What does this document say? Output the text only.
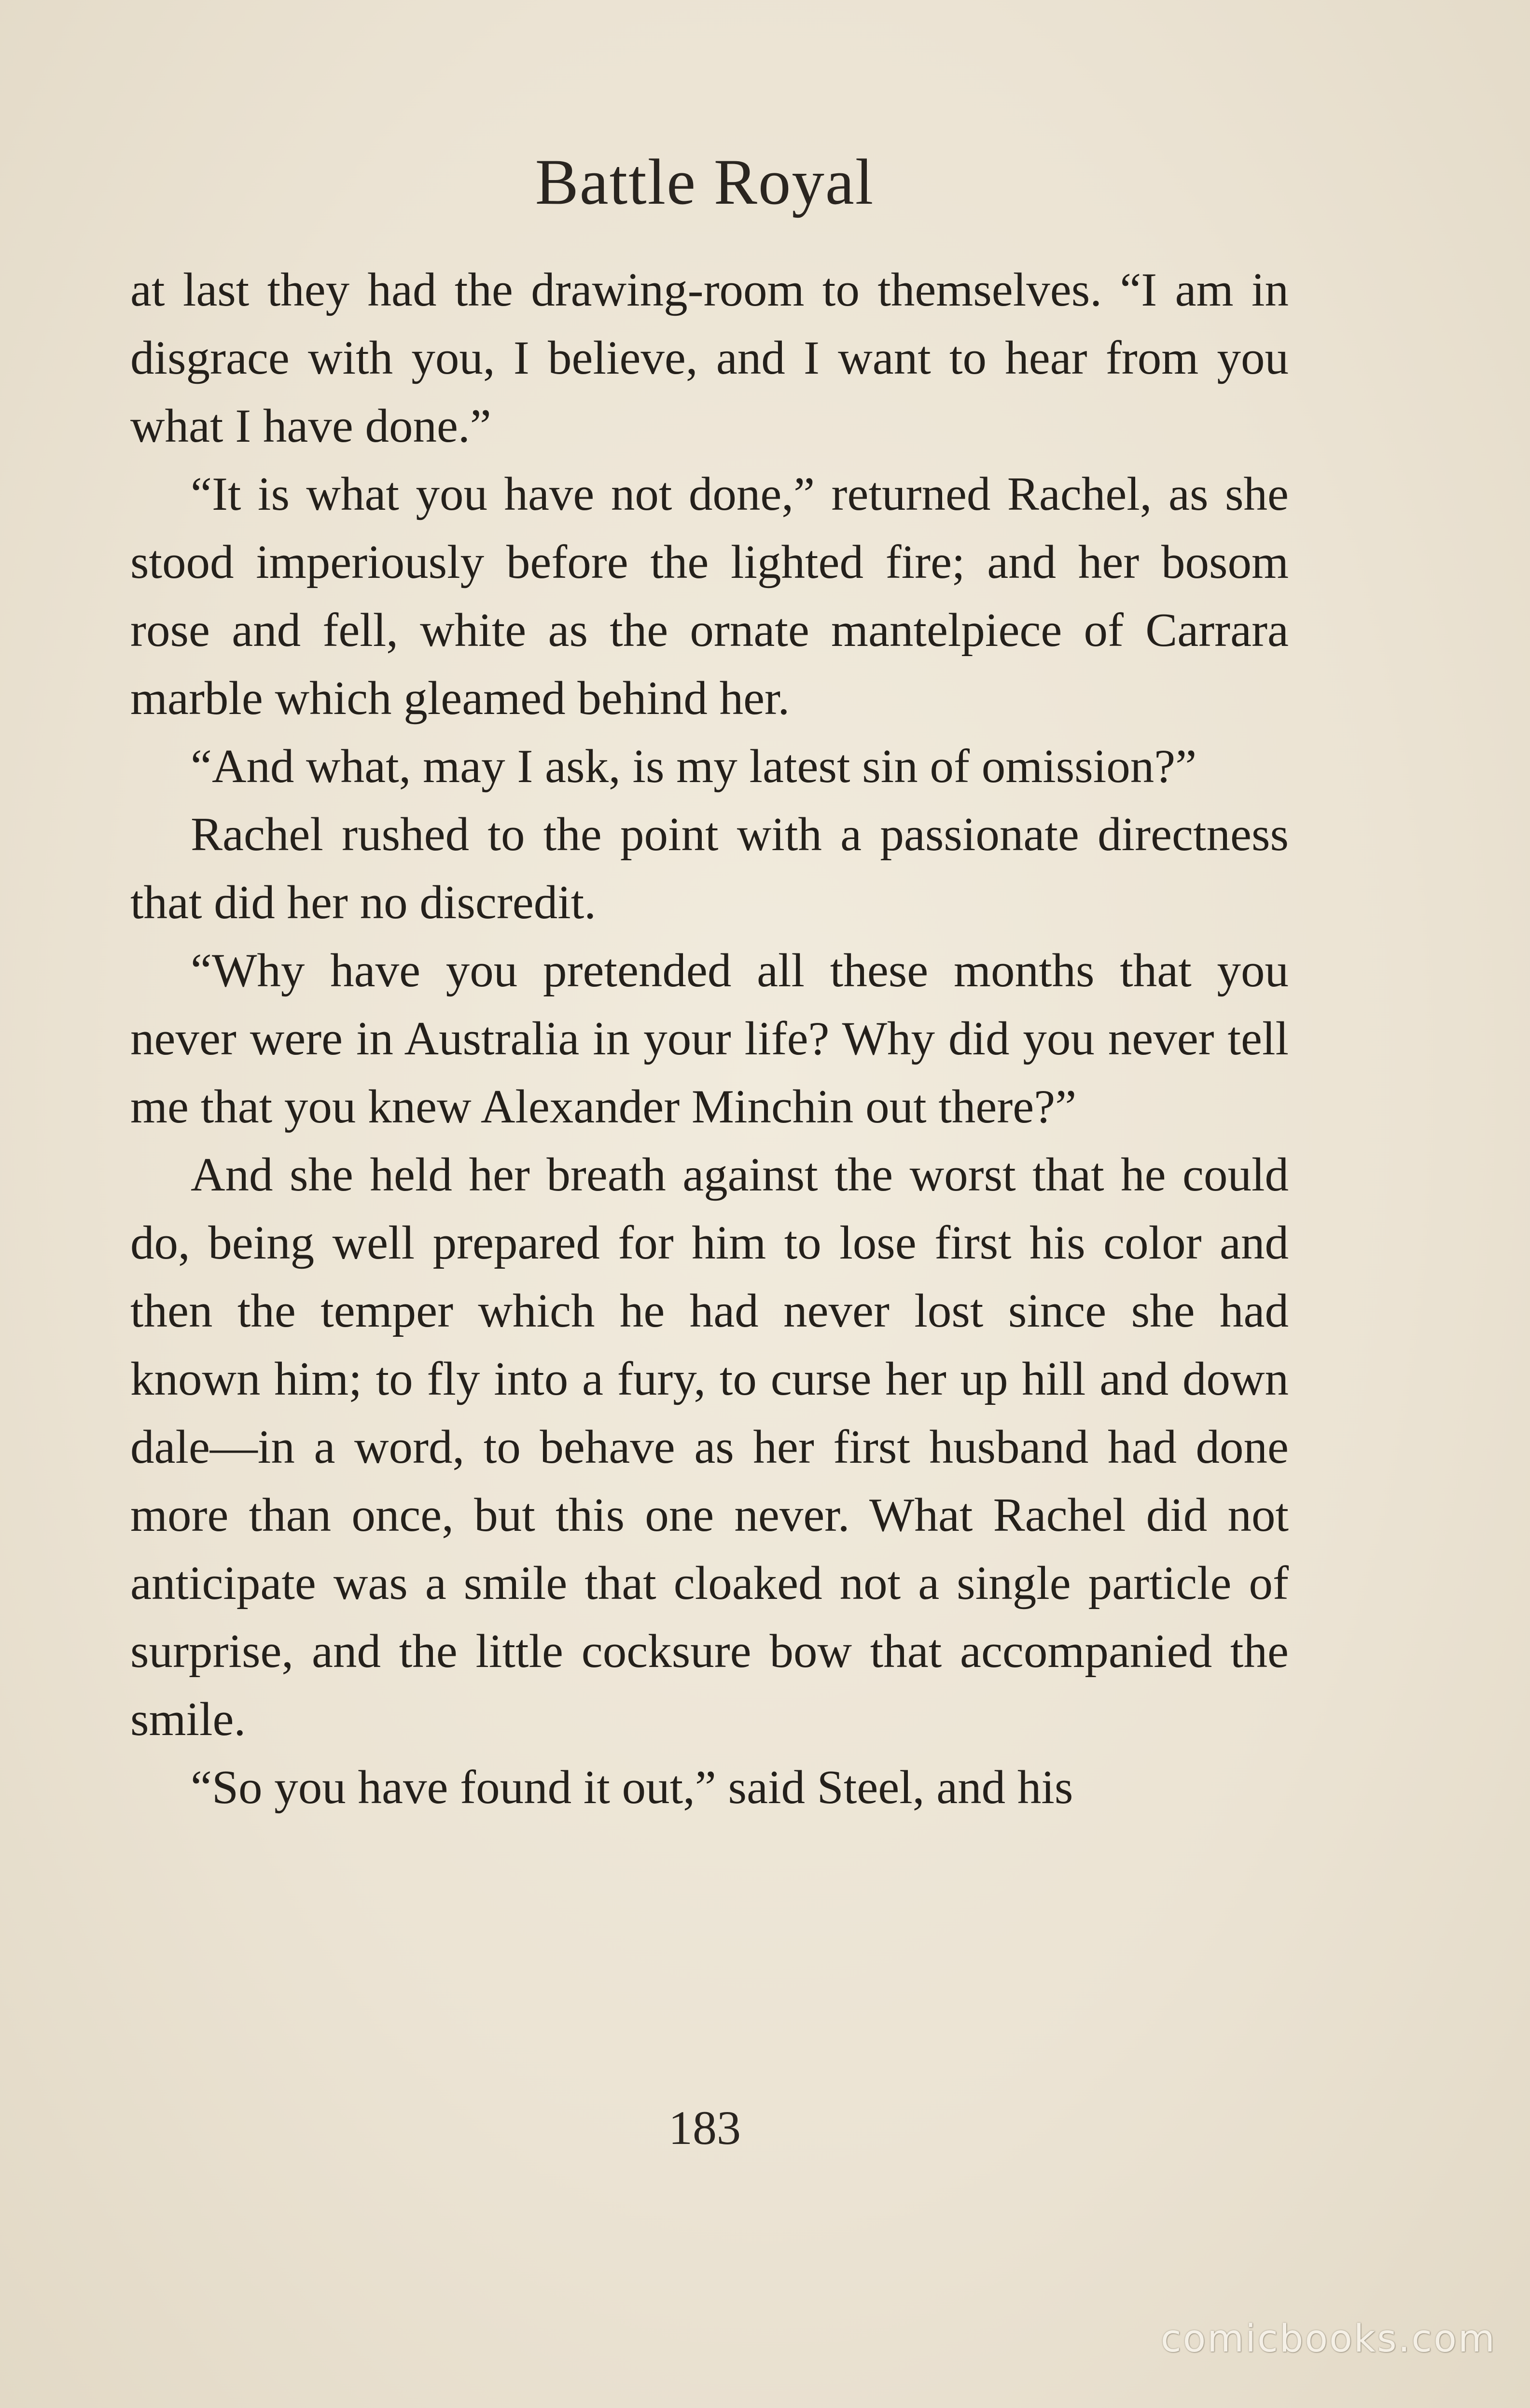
Battle Royal

at last they had the drawing-room to themselves. “I am in disgrace with you, I believe, and I want to hear from you what I have done.”

“It is what you have not done,” returned Rachel, as she stood imperiously before the lighted fire; and her bosom rose and fell, white as the ornate mantelpiece of Carrara marble which gleamed behind her.

“And what, may I ask, is my latest sin of omission?”

Rachel rushed to the point with a passionate directness that did her no discredit.

“Why have you pretended all these months that you never were in Australia in your life? Why did you never tell me that you knew Alexander Minchin out there?”

And she held her breath against the worst that he could do, being well prepared for him to lose first his color and then the temper which he had never lost since she had known him; to fly into a fury, to curse her up hill and down dale—in a word, to behave as her first husband had done more than once, but this one never. What Rachel did not anticipate was a smile that cloaked not a single particle of surprise, and the little cocksure bow that accompanied the smile.

“So you have found it out,” said Steel, and his

183
comicbooks.com
